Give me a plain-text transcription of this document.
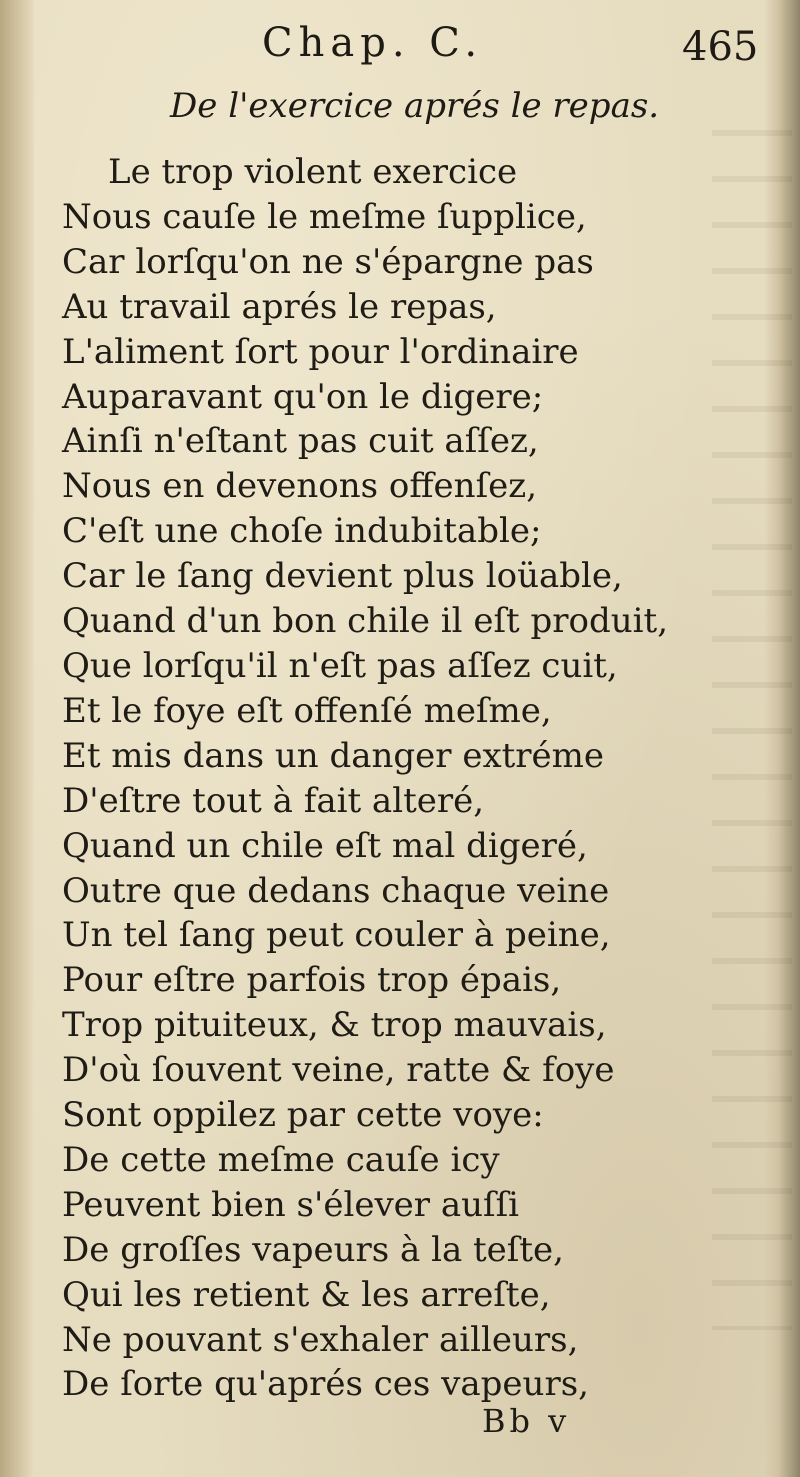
Chap. C.	465
De l'exercice aprés le repas.
Le trop violent exercice
Nous cauſe le meſme ſupplice,
Car lorſqu'on ne s'épargne pas
Au travail aprés le repas,
L'aliment ſort pour l'ordinaire
Auparavant qu'on le digere;
Ainſi n'eſtant pas cuit aſſez,
Nous en devenons offenſez,
C'eſt une choſe indubitable;
Car le ſang devient plus loüable,
Quand d'un bon chile il eſt produit,
Que lorſqu'il n'eſt pas aſſez cuit,
Et le foye eſt offenſé meſme,
Et mis dans un danger extréme
D'eſtre tout à fait alteré,
Quand un chile eſt mal digeré,
Outre que dedans chaque veine
Un tel ſang peut couler à peine,
Pour eſtre parfois trop épais,
Trop pituiteux, & trop mauvais,
D'où ſouvent veine, ratte & foye
Sont oppilez par cette voye:
De cette meſme cauſe icy
Peuvent bien s'élever auſſi
De groſſes vapeurs à la teſte,
Qui les retient & les arreſte,
Ne pouvant s'exhaler ailleurs,
De ſorte qu'aprés ces vapeurs,
Bb v
